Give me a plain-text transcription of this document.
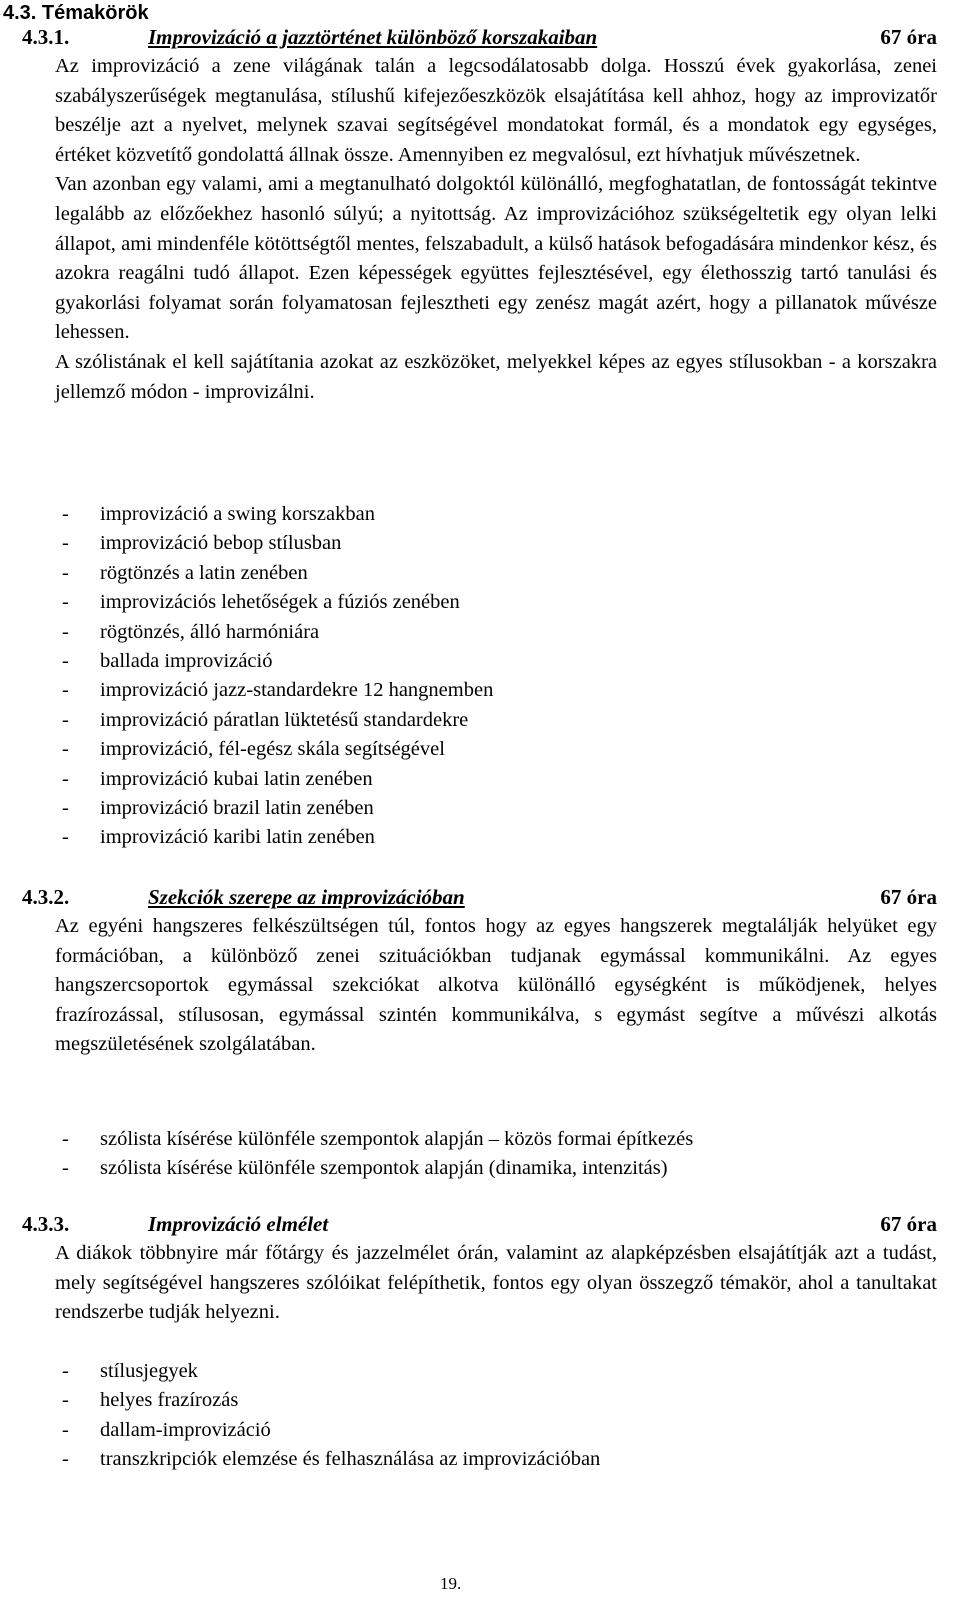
4.3. Témakörök
4.3.1.	Improvizáció a jazztörténet különböző korszakaiban	67 óra

Az improvizáció a zene világának talán a legcsodálatosabb dolga. Hosszú évek gyakorlása, zenei szabályszerűségek megtanulása, stílushű kifejezőeszközök elsajátítása kell ahhoz, hogy az improvizatőr beszélje azt a nyelvet, melynek szavai segítségével mondatokat formál, és a mondatok egy egységes, értéket közvetítő gondolattá állnak össze. Amennyiben ez megvalósul, ezt hívhatjuk művészetnek.

Van azonban egy valami, ami a megtanulható dolgoktól különálló, megfoghatatlan, de fontosságát tekintve legalább az előzőekhez hasonló súlyú; a nyitottság. Az improvizációhoz szükségeltetik egy olyan lelki állapot, ami mindenféle kötöttségtől mentes, felszabadult, a külső hatások befogadására mindenkor kész, és azokra reagálni tudó állapot. Ezen képességek együttes fejlesztésével, egy élethosszig tartó tanulási és gyakorlási folyamat során folyamatosan fejlesztheti egy zenész magát azért, hogy a pillanatok művésze lehessen.

A szólistának el kell sajátítania azokat az eszközöket, melyekkel képes az egyes stílusokban - a korszakra jellemző módon - improvizálni.

- improvizáció a swing korszakban
- improvizáció bebop stílusban
- rögtönzés a latin zenében
- improvizációs lehetőségek a fúziós zenében
- rögtönzés, álló harmóniára
- ballada improvizáció
- improvizáció jazz-standardekre 12 hangnemben
- improvizáció páratlan lüktetésű standardekre
- improvizáció, fél-egész skála segítségével
- improvizáció kubai latin zenében
- improvizáció brazil latin zenében
- improvizáció karibi latin zenében
4.3.2.	Szekciók szerepe az improvizációban	67 óra

Az egyéni hangszeres felkészültségen túl, fontos hogy az egyes hangszerek megtalálják helyüket egy formációban, a különböző zenei szituációkban tudjanak egymással kommunikálni. Az egyes hangszercsoportok egymással szekciókat alkotva különálló egységként is működjenek, helyes frazírozással, stílusosan, egymással szintén kommunikálva, s egymást segítve a művészi alkotás megszületésének szolgálatában.

- szólista kísérése különféle szempontok alapján – közös formai építkezés
- szólista kísérése különféle szempontok alapján (dinamika, intenzitás)
4.3.3.	Improvizáció elmélet	67 óra

A diákok többnyire már főtárgy és jazzelmélet órán, valamint az alapképzésben elsajátítják azt a tudást, mely segítségével hangszeres szólóikat felépíthetik, fontos egy olyan összegző témakör, ahol a tanultakat rendszerbe tudják helyezni.

- stílusjegyek
- helyes frazírozás
- dallam-improvizáció
- transzkripciók elemzése és felhasználása az improvizációban
19.
